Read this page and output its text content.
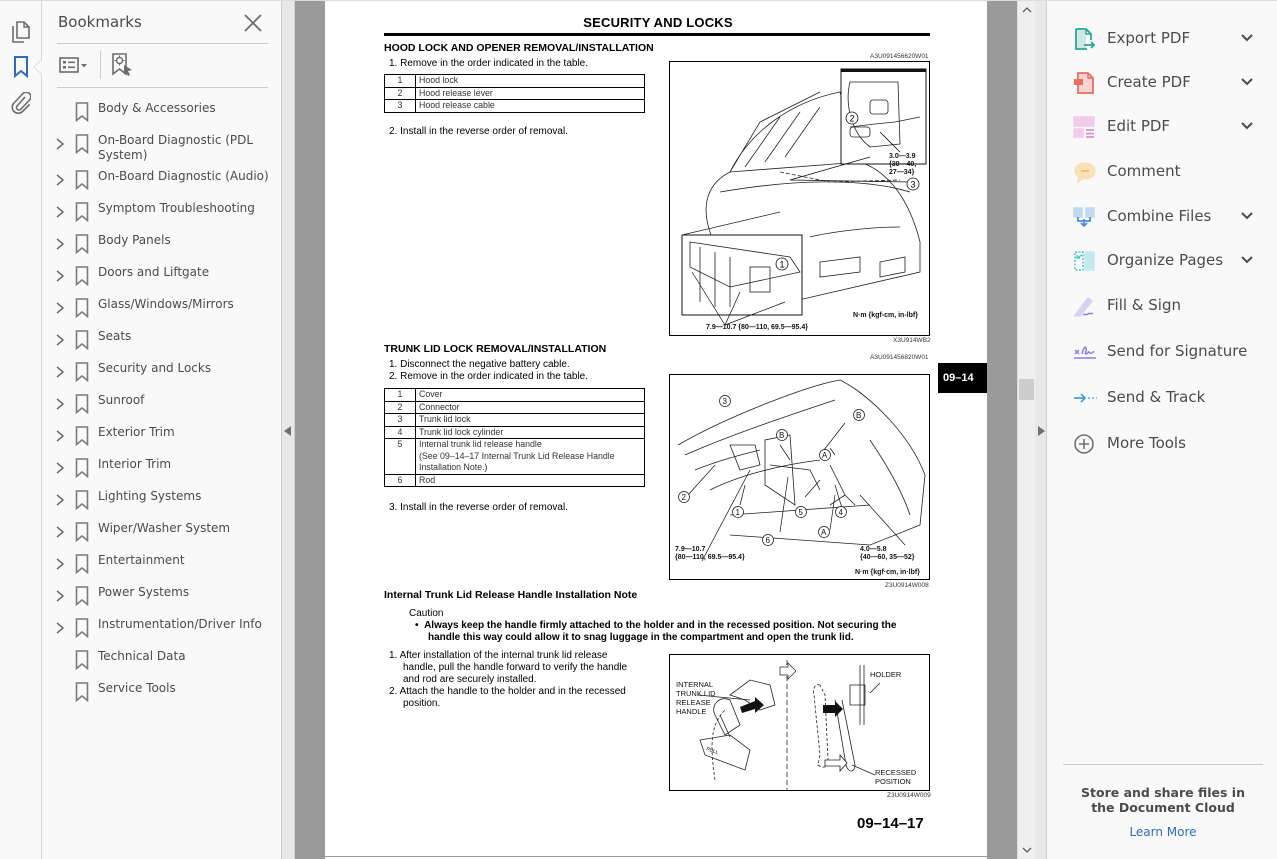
Bookmarks
Body & Accessories
On-Board Diagnostic (PDL System)
On-Board Diagnostic (Audio)
Symptom Troubleshooting
Body Panels
Doors and Liftgate
Glass/Windows/Mirrors
Seats
Security and Locks
Sunroof
Exterior Trim
Interior Trim
Lighting Systems
Wiper/Washer System
Entertainment
Power Systems
Instrumentation/Driver Info
Technical Data
Service Tools
SECURITY AND LOCKS
HOOD LOCK AND OPENER REMOVAL/INSTALLATION
A3U091456620W01
1. Remove in the order indicated in the table.
1	Hood lock
2	Hood release lever
3	Hood release cable
2. Install in the reverse order of removal.
2
3
1
3.0—3.9
{30—40,
27—34}
N·m {kgf-cm, in-lbf}
7.9—10.7 {80—110, 69.5—95.4}
X3U914WB2
TRUNK LID LOCK REMOVAL/INSTALLATION
A3U091456820W01
1. Disconnect the negative battery cable.
2. Remove in the order indicated in the table.
1	Cover
2	Connector
3	Trunk lid lock
4	Trunk lid lock cylinder
5	Internal trunk lid release handle
(See 09–14–17 Internal Trunk Lid Release Handle Installation Note.)
6	Rod
3. Install in the reverse order of removal.
2
1
3
4
5
6
B
B
A
A
7.9—10.7
{80—110, 69.5—95.4}
4.0—5.8
{40—60, 35—52}
N·m {kgf·cm, in·lbf}
Z3U0914W008
Internal Trunk Lid Release Handle Installation Note
Caution
•  Always keep the handle firmly attached to the holder and in the recessed position. Not securing the handle this way could allow it to snag luggage in the compartment and open the trunk lid.
1. After installation of the internal trunk lid release handle, pull the handle forward to verify the handle and rod are securely installed.
2. Attach the handle to the holder and in the recessed position.
PULL
INTERNAL
TRUNK LID
RELEASE
HANDLE
HOLDER
RECESSED
POSITION
Z3U0914W009
09–14–17
09–14
Export PDF
Create PDF
Edit PDF
Comment
Combine Files
Organize Pages
Fill & Sign
Send for Signature
Send & Track
More Tools
Store and share files in the Document Cloud
Learn More
